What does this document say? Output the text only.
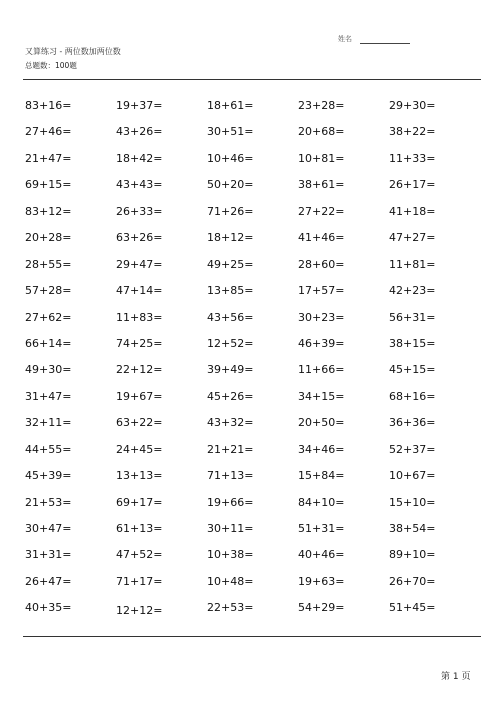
姓名
又算练习 - 两位数加两位数
总题数：100题
83+16=	19+37=	18+61=	23+28=	29+30=
27+46=	43+26=	30+51=	20+68=	38+22=
21+47=	18+42=	10+46=	10+81=	11+33=
69+15=	43+43=	50+20=	38+61=	26+17=
83+12=	26+33=	71+26=	27+22=	41+18=
20+28=	63+26=	18+12=	41+46=	47+27=
28+55=	29+47=	49+25=	28+60=	11+81=
57+28=	47+14=	13+85=	17+57=	42+23=
27+62=	11+83=	43+56=	30+23=	56+31=
66+14=	74+25=	12+52=	46+39=	38+15=
49+30=	22+12=	39+49=	11+66=	45+15=
31+47=	19+67=	45+26=	34+15=	68+16=
32+11=	63+22=	43+32=	20+50=	36+36=
44+55=	24+45=	21+21=	34+46=	52+37=
45+39=	13+13=	71+13=	15+84=	10+67=
21+53=	69+17=	19+66=	84+10=	15+10=
30+47=	61+13=	30+11=	51+31=	38+54=
31+31=	47+52=	10+38=	40+46=	89+10=
26+47=	71+17=	10+48=	19+63=	26+70=
40+35=	12+12=	22+53=	54+29=	51+45=
第 1 页
